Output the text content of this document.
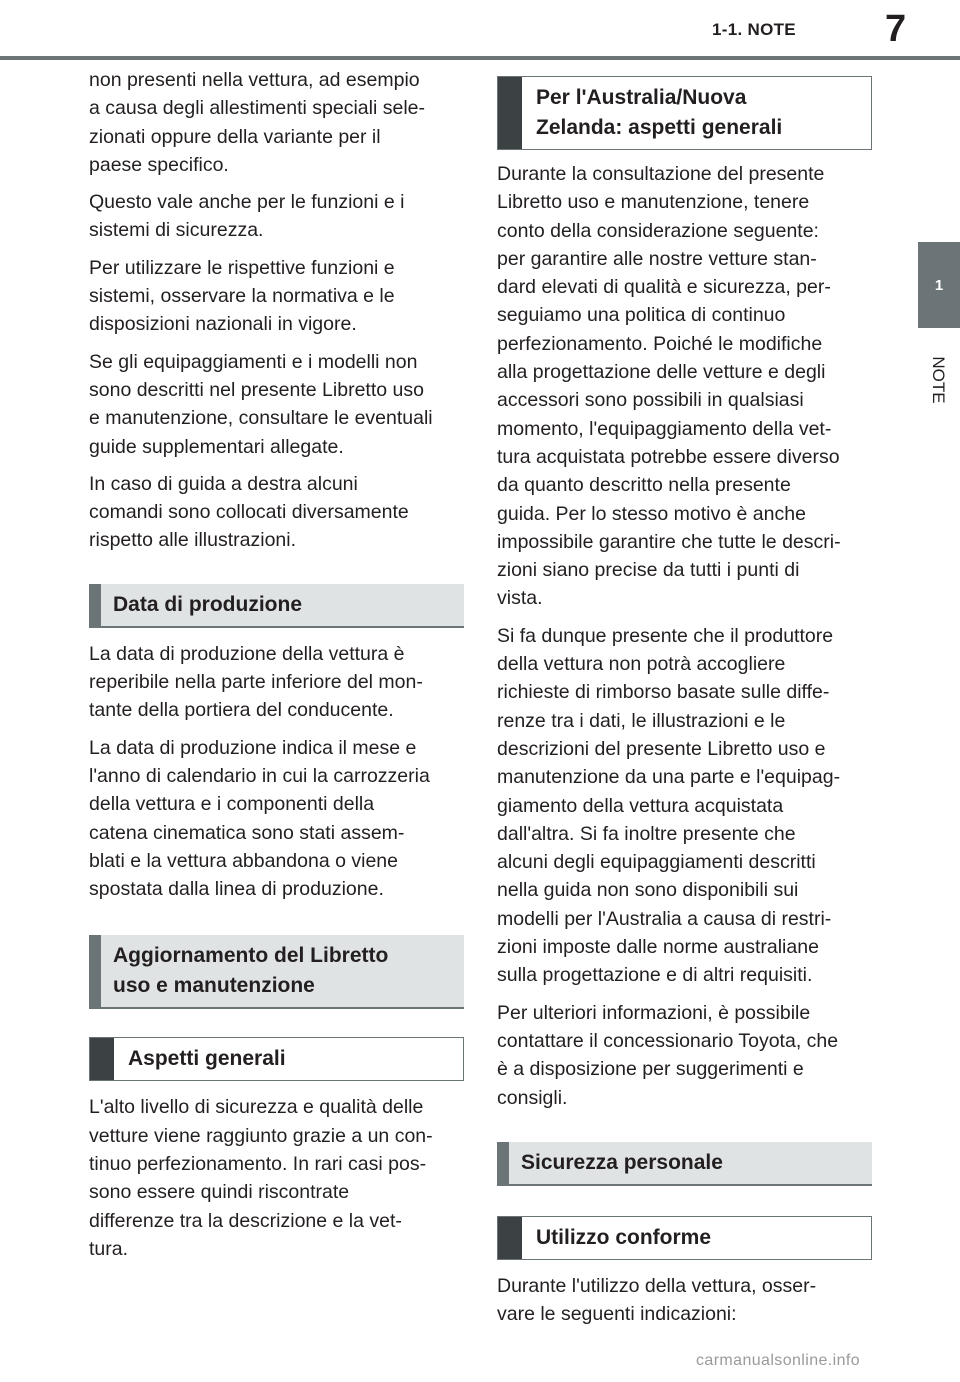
1-1. NOTE 7
1
NOTE

non presenti nella vettura, ad esempio
a causa degli allestimenti speciali sele-
zionati oppure della variante per il
paese specifico.

Questo vale anche per le funzioni e i
sistemi di sicurezza.

Per utilizzare le rispettive funzioni e
sistemi, osservare la normativa e le
disposizioni nazionali in vigore.

Se gli equipaggiamenti e i modelli non
sono descritti nel presente Libretto uso
e manutenzione, consultare le eventuali
guide supplementari allegate.

In caso di guida a destra alcuni
comandi sono collocati diversamente
rispetto alle illustrazioni.

Data di produzione

La data di produzione della vettura è
reperibile nella parte inferiore del mon-
tante della portiera del conducente.

La data di produzione indica il mese e
l'anno di calendario in cui la carrozzeria
della vettura e i componenti della
catena cinematica sono stati assem-
blati e la vettura abbandona o viene
spostata dalla linea di produzione.

Aggiornamento del Libretto
uso e manutenzione
Aspetti generali

L'alto livello di sicurezza e qualità delle
vetture viene raggiunto grazie a un con-
tinuo perfezionamento. In rari casi pos-
sono essere quindi riscontrate
differenze tra la descrizione e la vet-
tura.

Per l'Australia/Nuova
Zelanda: aspetti generali

Durante la consultazione del presente
Libretto uso e manutenzione, tenere
conto della considerazione seguente:
per garantire alle nostre vetture stan-
dard elevati di qualità e sicurezza, per-
seguiamo una politica di continuo
perfezionamento. Poiché le modifiche
alla progettazione delle vetture e degli
accessori sono possibili in qualsiasi
momento, l'equipaggiamento della vet-
tura acquistata potrebbe essere diverso
da quanto descritto nella presente
guida. Per lo stesso motivo è anche
impossibile garantire che tutte le descri-
zioni siano precise da tutti i punti di
vista.

Si fa dunque presente che il produttore
della vettura non potrà accogliere
richieste di rimborso basate sulle diffe-
renze tra i dati, le illustrazioni e le
descrizioni del presente Libretto uso e
manutenzione da una parte e l'equipag-
giamento della vettura acquistata
dall'altra. Si fa inoltre presente che
alcuni degli equipaggiamenti descritti
nella guida non sono disponibili sui
modelli per l'Australia a causa di restri-
zioni imposte dalle norme australiane
sulla progettazione e di altri requisiti.

Per ulteriori informazioni, è possibile
contattare il concessionario Toyota, che
è a disposizione per suggerimenti e
consigli.

Sicurezza personale
Utilizzo conforme

Durante l'utilizzo della vettura, osser-
vare le seguenti indicazioni:

carmanualsonline.info
